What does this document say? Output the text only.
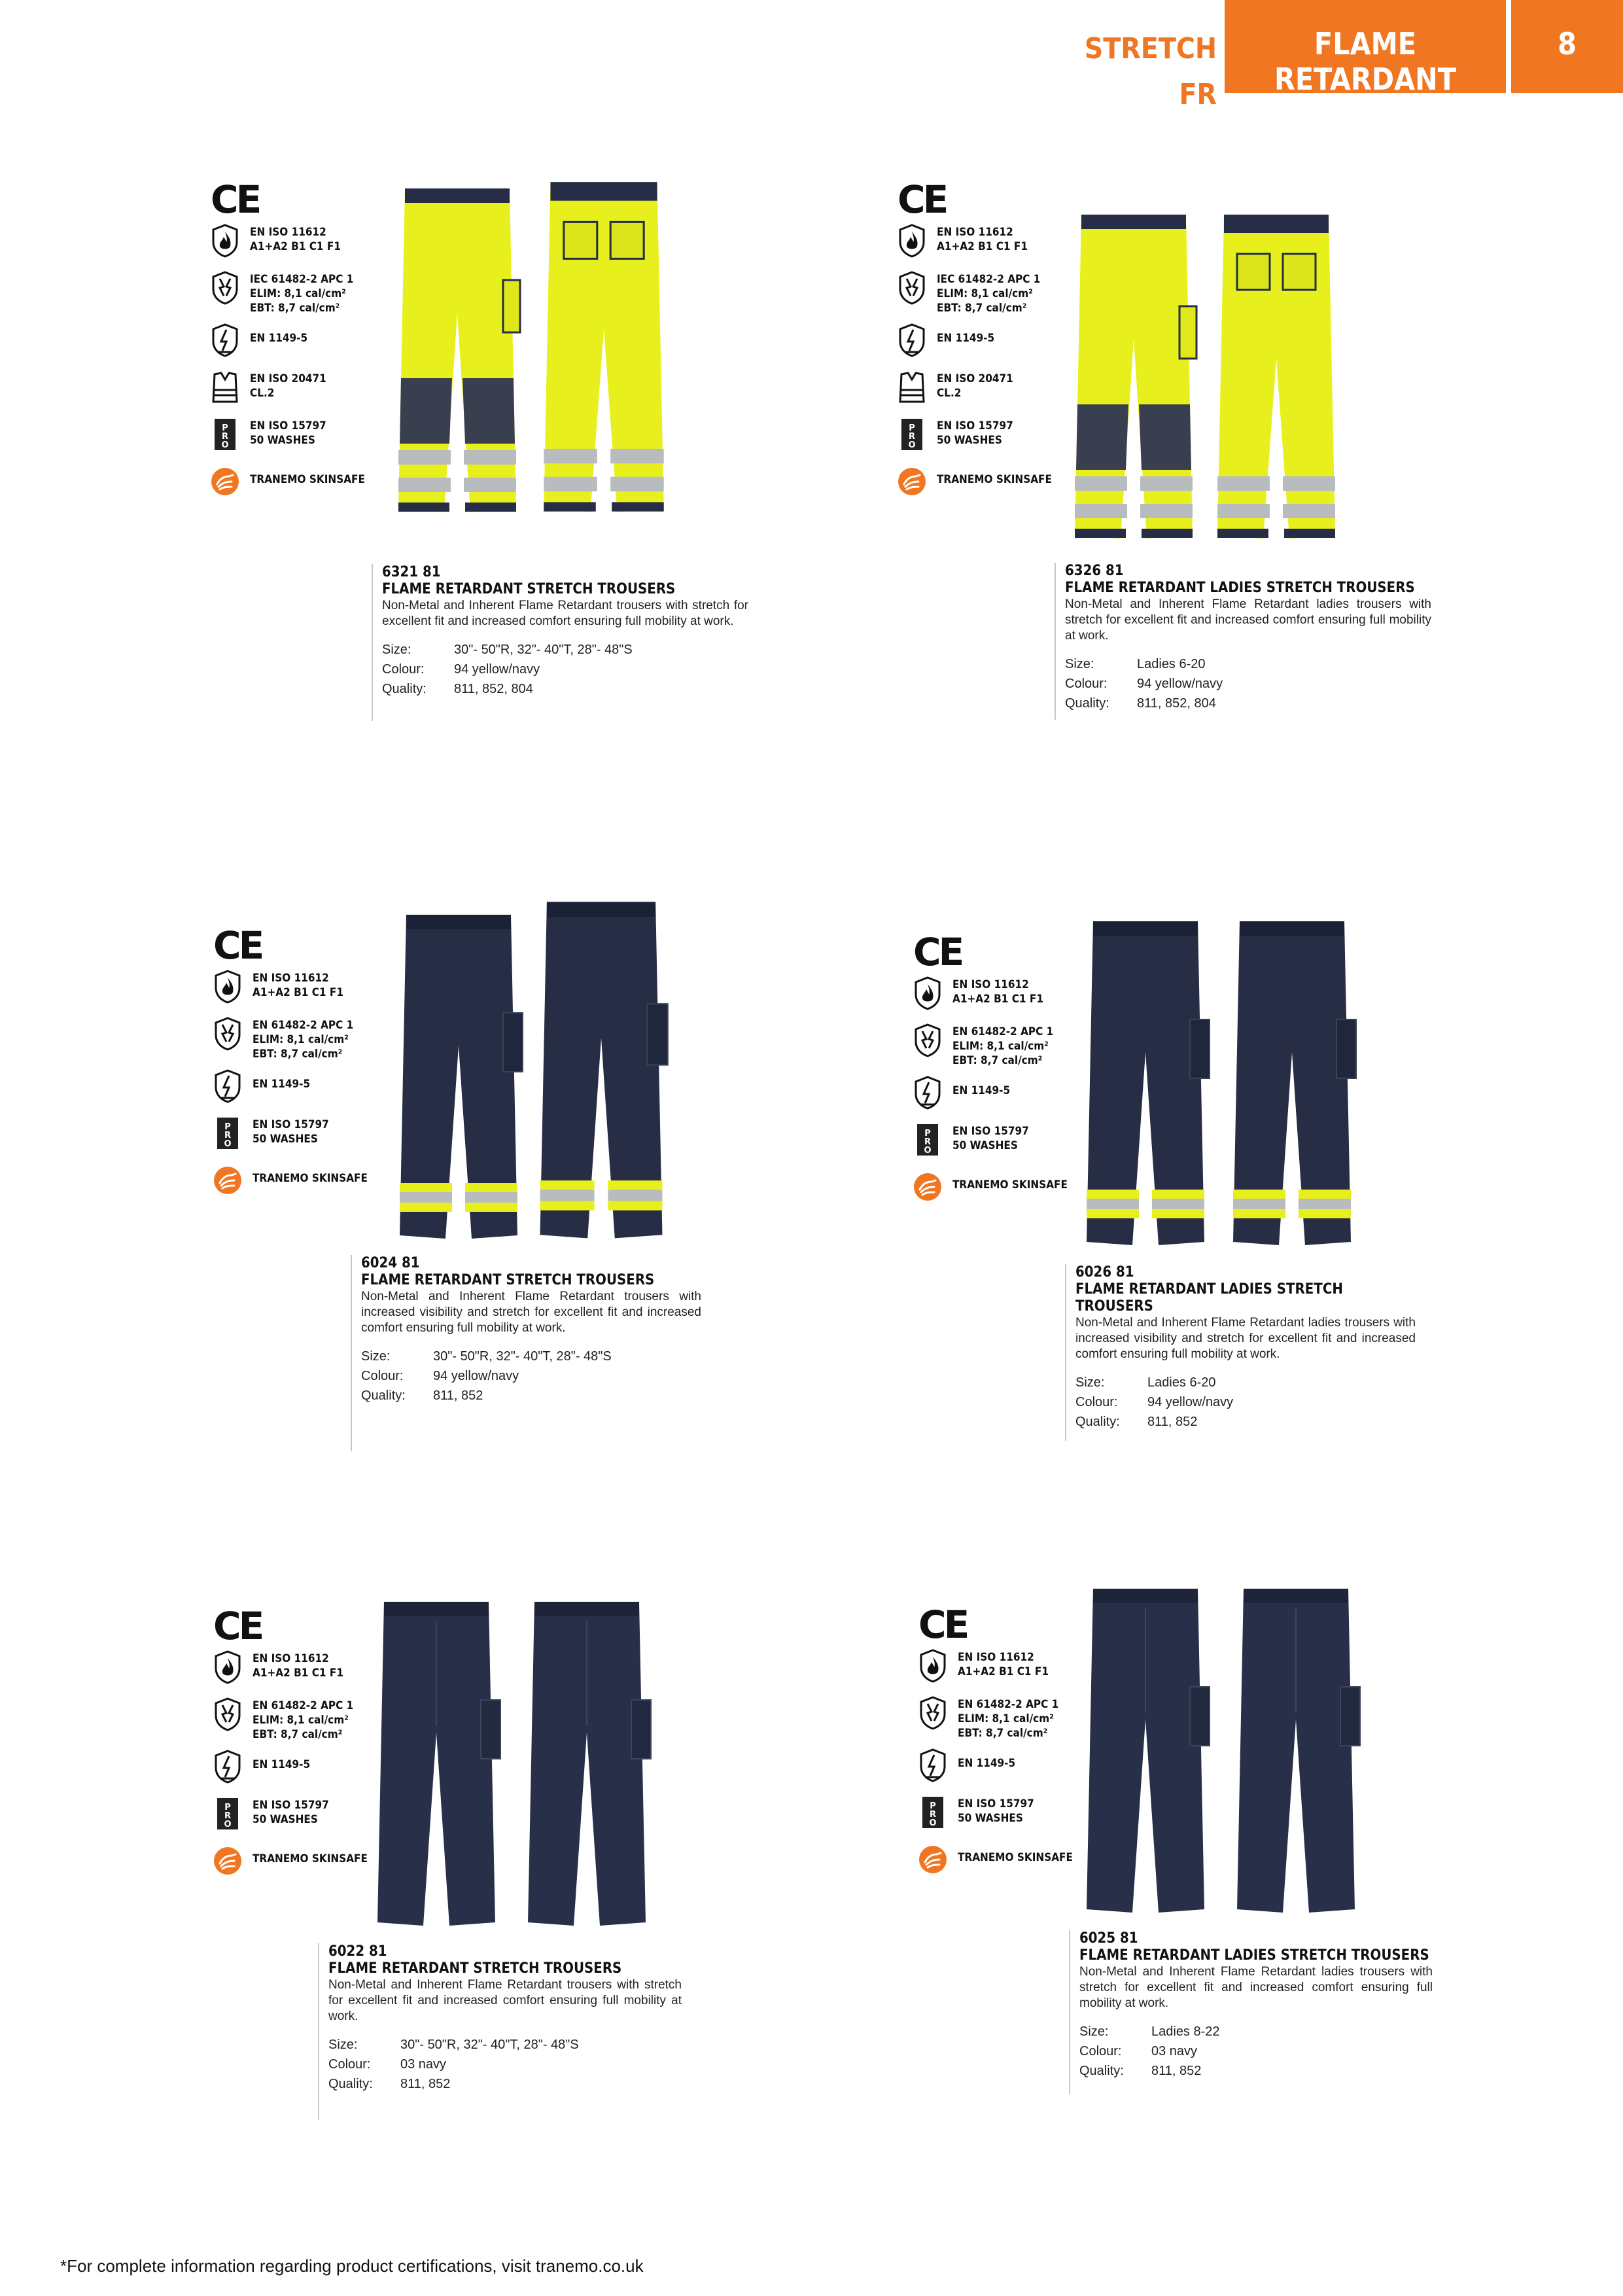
STRETCH FR
FLAME RETARDANT
8
CE
EN ISO 11612
A1+A2 B1 C1 F1
IEC 61482-2 APC 1
ELIM: 8,1 cal/cm²
EBT: 8,7 cal/cm²
EN 1149-5
EN ISO 20471
CL.2
EN ISO 15797
50 WASHES
TRANEMO SKINSAFE
6321 81
FLAME RETARDANT STRETCH TROUSERS
Non-Metal and Inherent Flame Retardant trousers with stretch for excellent fit and increased comfort ensuring full mobility at work.
Size:	30"- 50"R, 32"- 40"T, 28"- 48"S
Colour:	94 yellow/navy
Quality:	811, 852, 804
CE
EN ISO 11612
A1+A2 B1 C1 F1
IEC 61482-2 APC 1
ELIM: 8,1 cal/cm²
EBT: 8,7 cal/cm²
EN 1149-5
EN ISO 20471
CL.2
EN ISO 15797
50 WASHES
TRANEMO SKINSAFE
6326 81
FLAME RETARDANT LADIES STRETCH TROUSERS
Non-Metal and Inherent Flame Retardant ladies trousers with stretch for excellent fit and increased comfort ensuring full mobility at work.
Size:	Ladies 6-20
Colour:	94 yellow/navy
Quality:	811, 852, 804
CE
EN ISO 11612
A1+A2 B1 C1 F1
EN 61482-2 APC 1
ELIM: 8,1 cal/cm²
EBT: 8,7 cal/cm²
EN 1149-5
EN ISO 15797
50 WASHES
TRANEMO SKINSAFE
6024 81
FLAME RETARDANT STRETCH TROUSERS
Non-Metal and Inherent Flame Retardant trousers with increased visibility and stretch for excellent fit and increased comfort ensuring full mobility at work.
Size:	30"- 50"R, 32"- 40"T, 28"- 48"S
Colour:	94 yellow/navy
Quality:	811, 852
CE
EN ISO 11612
A1+A2 B1 C1 F1
EN 61482-2 APC 1
ELIM: 8,1 cal/cm²
EBT: 8,7 cal/cm²
EN 1149-5
EN ISO 15797
50 WASHES
TRANEMO SKINSAFE
6026 81
FLAME RETARDANT LADIES STRETCH TROUSERS
Non-Metal and Inherent Flame Retardant ladies trousers with increased visibility and stretch for excellent fit and increased comfort ensuring full mobility at work.
Size:	Ladies 6-20
Colour:	94 yellow/navy
Quality:	811, 852
CE
EN ISO 11612
A1+A2 B1 C1 F1
EN 61482-2 APC 1
ELIM: 8,1 cal/cm²
EBT: 8,7 cal/cm²
EN 1149-5
EN ISO 15797
50 WASHES
TRANEMO SKINSAFE
6022 81
FLAME RETARDANT STRETCH TROUSERS
Non-Metal and Inherent Flame Retardant trousers with stretch for excellent fit and increased comfort ensuring full mobility at work.
Size:	30"- 50"R, 32"- 40"T, 28"- 48"S
Colour:	03 navy
Quality:	811, 852
CE
EN ISO 11612
A1+A2 B1 C1 F1
EN 61482-2 APC 1
ELIM: 8,1 cal/cm²
EBT: 8,7 cal/cm²
EN 1149-5
EN ISO 15797
50 WASHES
TRANEMO SKINSAFE
6025 81
FLAME RETARDANT LADIES STRETCH TROUSERS
Non-Metal and Inherent Flame Retardant ladies trousers with stretch for excellent fit and increased comfort ensuring full mobility at work.
Size:	Ladies 8-22
Colour:	03 navy
Quality:	811, 852
*For complete information regarding product certifications, visit tranemo.co.uk
